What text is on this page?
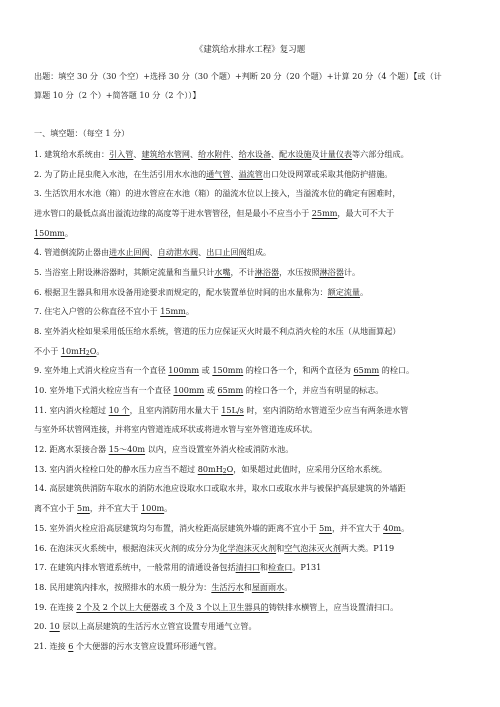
《建筑给水排水工程》复习题
出题：填空 30 分（30 个空）+选择 30 分（30 个题）+判断 20 分（20 个题）+计算 20 分（4 个题）【或（计
算题 10 分（2 个）+简答题 10 分（2 个））】
一、填空题：（每空 1 分）
1. 建筑给水系统由：引入管、建筑给水管网、给水附件、给水设备、配水设施及计量仪表等六部分组成。
2. 为了防止昆虫爬入水池，在生活引用水水池的通气管、溢流管出口处设网罩或采取其他防护措施。
3. 生活饮用水水池（箱）的进水管应在水池（箱）的溢流水位以上接入，当溢流水位的确定有困难时，
进水管口的最低点高出溢流边缘的高度等于进水管管径，但是最小不应当小于 25mm，最大可不大于
150mm。
4. 管道倒流防止器由进水止回阀、自动泄水阀、出口止回阀组成。
5. 当浴室上附设淋浴器时，其额定流量和当量只计水嘴，不计淋浴器，水压按照淋浴器计。
6. 根据卫生器具和用水设备用途要求而规定的，配水装置单位时间的出水量称为：额定流量。
7. 住宅入户管的公称直径不宜小于 15mm。
8. 室外消火栓如果采用低压给水系统，管道的压力应保证灭火时最不利点消火栓的水压（从地面算起）
不小于 $10mH_2O$。
9. 室外地上式消火栓应当有一个直径 100mm 或 150mm 的栓口各一个，和两个直径为 65mm 的栓口。
10. 室外地下式消火栓应当有一个直径 100mm 或 65mm 的栓口各一个，并应当有明显的标志。
11. 室内消火栓超过 10 个，且室内消防用水量大于 15L/s 时，室内消防给水管道至少应当有两条进水管
与室外环状管网连接，并将室内管道连成环状或将进水管与室外管道连成环状。
12. 距离水泵接合器 15～40m 以内，应当设置室外消火栓或消防水池。
13. 室内消火栓栓口处的静水压力应当不超过 $80mH_2O$，如果超过此值时，应采用分区给水系统。
14. 高层建筑供消防车取水的消防水池应设取水口或取水井，取水口或取水井与被保护高层建筑的外墙距
离不宜小于 5m，并不宜大于 100m。
15. 室外消火栓应沿高层建筑均匀布置，消火栓距高层建筑外墙的距离不宜小于 5m，并不宜大于 40m。
16. 在泡沫灭火系统中，根据泡沫灭火剂的成分分为化学泡沫灭火剂和空气泡沫灭火剂两大类。P119
17. 在建筑内排水管道系统中，一般常用的清通设备包括清扫口和检查口。P131
18. 民用建筑内排水，按照排水的水质一般分为：生活污水和屋面雨水。
19. 在连接 2 个及 2 个以上大便器或 3 个及 3 个以上卫生器具的铸铁排水横管上，应当设置清扫口。
20. 10 层以上高层建筑的生活污水立管宜设置专用通气立管。
21. 连接 6 个大便器的污水支管应设置环形通气管。
